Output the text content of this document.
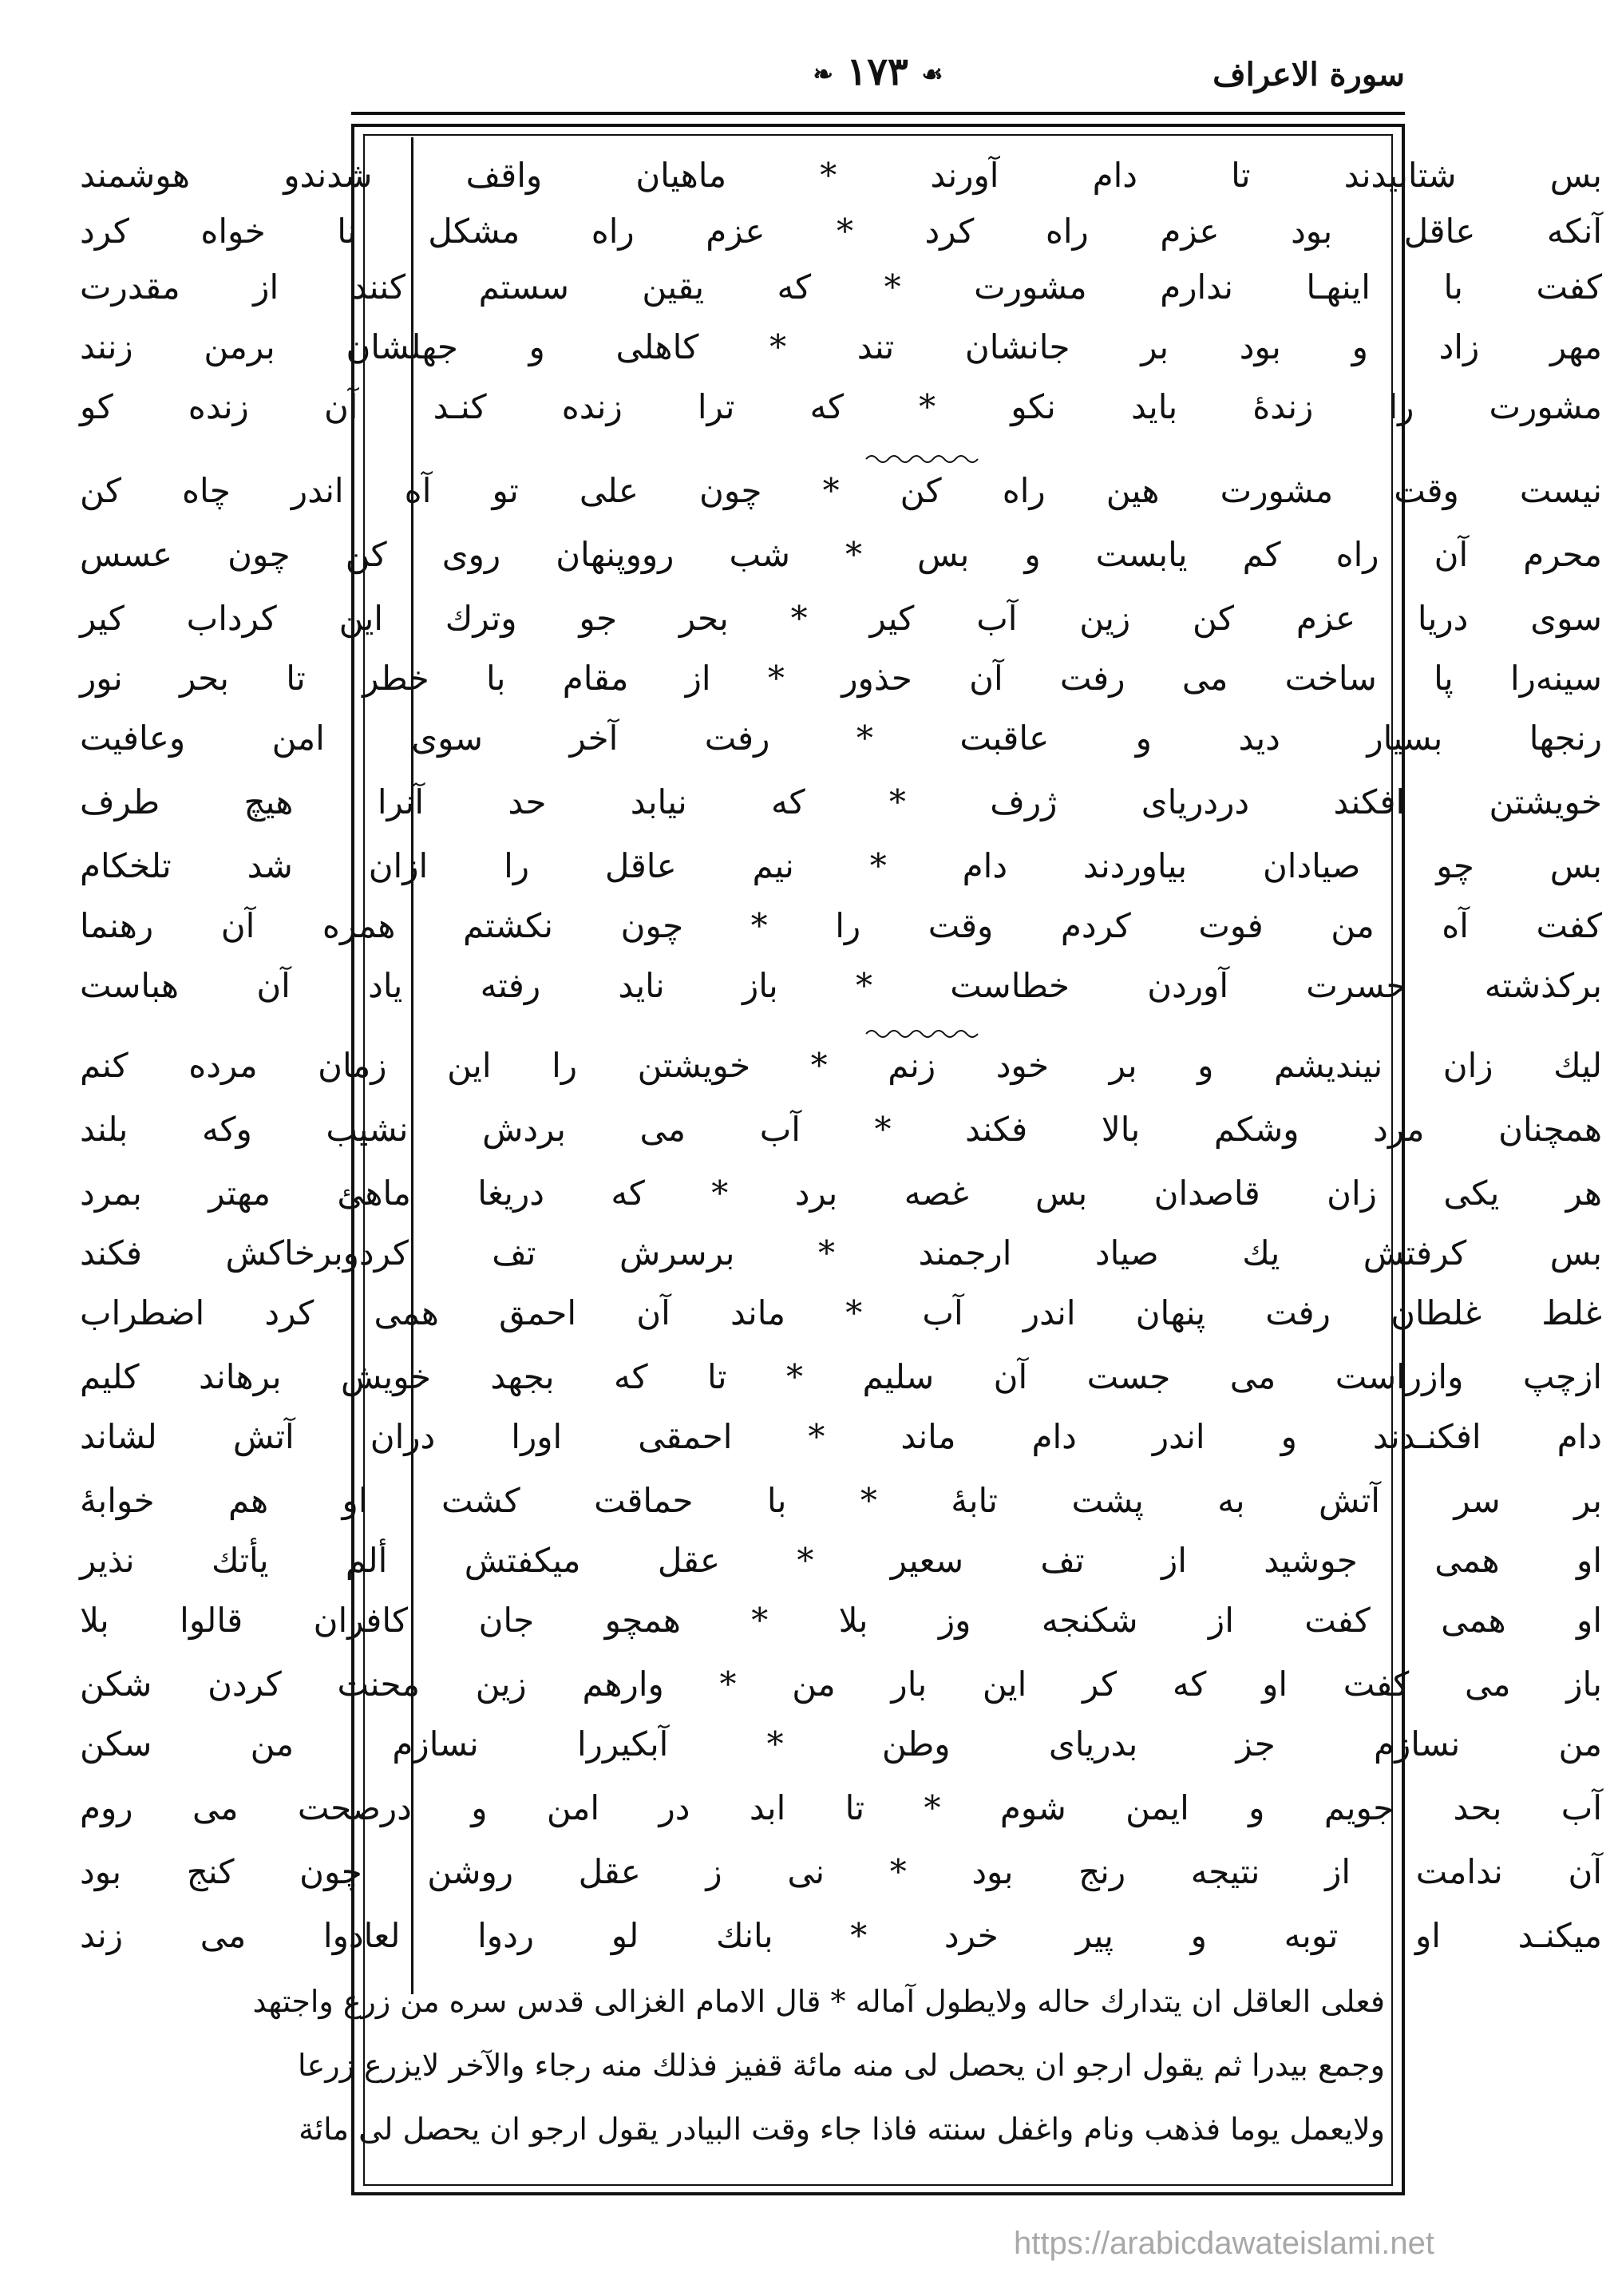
سورة الاعراف
❧ ١٧٣ ☙
بس شتابيدند تا دام آورند * ماهيان واقف شدندو هوشمند
آنكه عاقل بود عزم راه كرد * عزم راه مشكل نا خواه كرد
كفت با اينهـا ندارم مشورت * كه يقين سستم كنند از مقدرت
مهر زاد و بود بر جانشان تند * كاهلى و جهلشان برمن زنند
مشورت را زندهٔ بايد نكو * كه ترا زنده كنـد آن زنده كو
نيست وقت مشورت هين راه كن * چون على تو آه اندر چاه كن
محرم آن راه كم يابست و بس * شب رووپنهان روى كن چون عسس
سوى دريا عزم كن زين آب كير * بحر جو وترك اين كرداب كير
سينه‌را پا ساخت مى رفت آن حذور * از مقام با خطر تا بحر نور
رنجها بسيار ديد و عاقبت * رفت آخر سوى امن وعافيت
خويشتن افكند دردرياى ژرف * كه نيابد حد آنرا هيچ طرف
بس چو صيادان بياوردند دام * نيم عاقل را ازان شد تلخكام
كفت آه من فوت كردم وقت را * چون نكشتم همره آن رهنما
بركذشته حسرت آوردن خطاست * باز نايد رفته ياد آن هباست
ليك زان نينديشم و بر خود زنم * خويشتن را اين زمان مرده كنم
همچنان مرد وشكم بالا فكند * آب مى بردش نشيب وكه بلند
هر يكى زان قاصدان بس غصه برد * كه دريغا ماهئ مهتر بمرد
بس كرفتش يك صياد ارجمند * برسرش تف كردوبرخاكش فكند
غلط غلطان رفت پنهان اندر آب * ماند آن احمق همى كرد اضطراب
ازچپ وازراست مى جست آن سليم * تا كه بجهد خويش برهاند كليم
دام افكنـدند و اندر دام ماند * احمقى اورا دران آتش لشاند
بر سر آتش به پشت تابهٔ * با حماقت كشت او هم خوابهٔ
او همى جوشيد از تف سعير * عقل ميكفتش ألم يأتك نذير
او همى كفت از شكنجه وز بلا * همچو جان كافران قالوا بلا
باز مى كفت او كه كر اين بار من * وارهم زين محنت كردن شكن
من نسازم جز بدرياى وطن * آبكيررا نسازم من سكن
آب بحد جويم و ايمن شوم * تا ابد در امن و درصحت مى روم
آن ندامت از نتيجه رنج بود * نى ز عقل روشن چون كنج بود
ميكنـد او توبه و پير خرد * بانك لو ردوا لعادوا مى زند
فعلى العاقل ان يتدارك حاله ولايطول آماله * قال الامام الغزالى قدس سره من زرع واجتهد
وجمع بيدرا ثم يقول ارجو ان يحصل لى منه مائة قفيز فذلك منه رجاء والآخر لايزرع زرعا
ولايعمل يوما فذهب ونام واغفل سنته فاذا جاء وقت البيادر يقول ارجو ان يحصل لى مائة
https://arabicdawateislami.net
